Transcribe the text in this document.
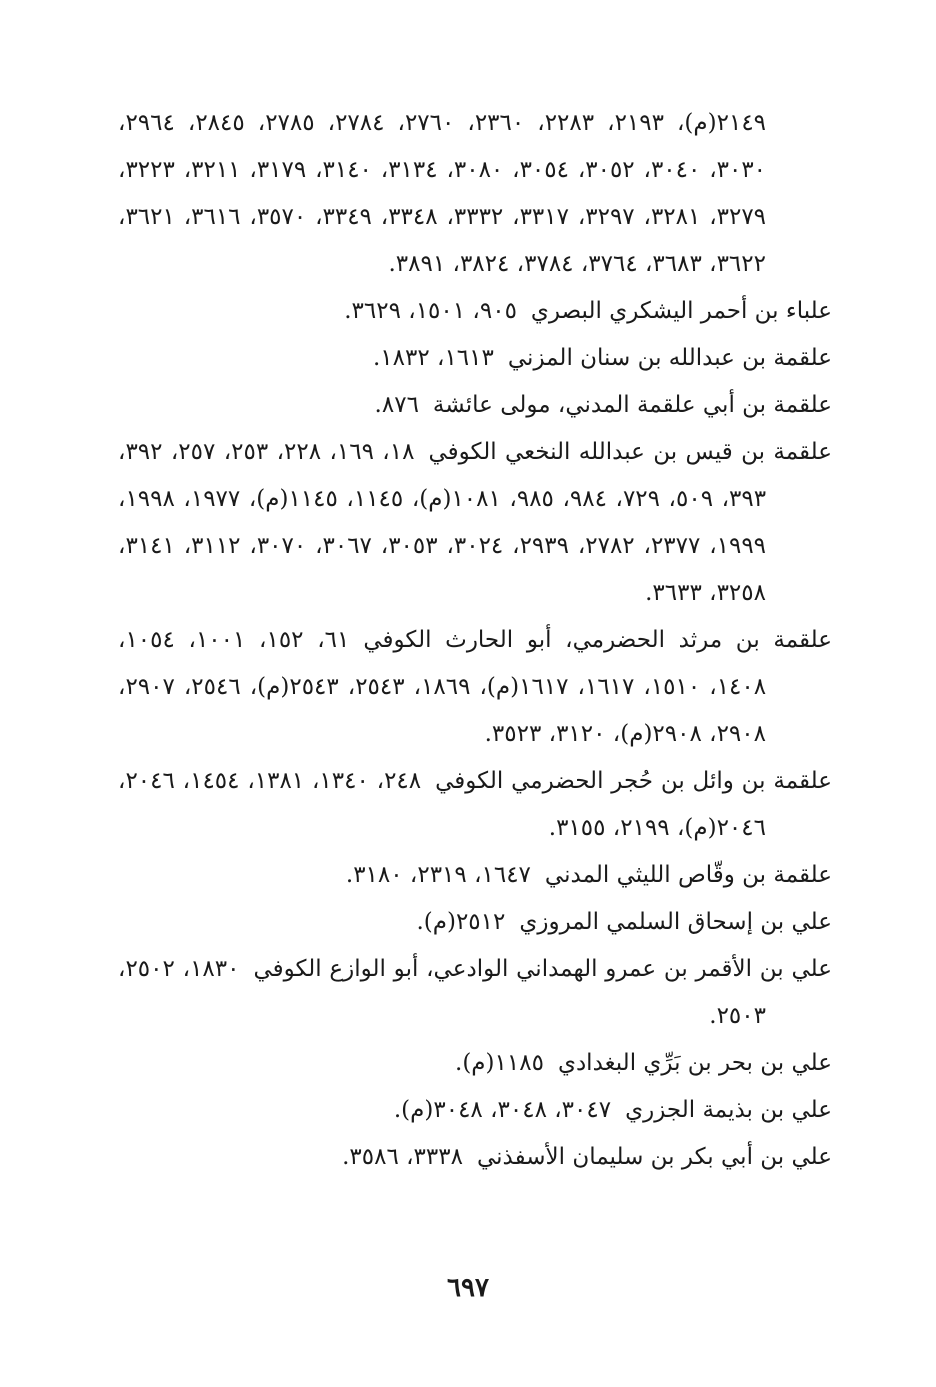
٢١٤٩(م)، ٢١٩٣، ٢٢٨٣، ٢٣٦٠، ٢٧٦٠، ٢٧٨٤، ٢٧٨٥، ٢٨٤٥، ٢٩٦٤، ٣٠٣٠، ٣٠٤٠، ٣٠٥٢، ٣٠٥٤، ٣٠٨٠، ٣١٣٤، ٣١٤٠، ٣١٧٩، ٣٢١١، ٣٢٢٣، ٣٢٧٩، ٣٢٨١، ٣٢٩٧، ٣٣١٧، ٣٣٣٢، ٣٣٤٨، ٣٣٤٩، ٣٥٧٠، ٣٦١٦، ٣٦٢١، ٣٦٢٢، ٣٦٨٣، ٣٧٦٤، ٣٧٨٤، ٣٨٢٤، ٣٨٩١.

علباء بن أحمر اليشكري البصري٩٠٥، ١٥٠١، ٣٦٢٩.

علقمة بن عبدالله بن سنان المزني١٦١٣، ١٨٣٢.

علقمة بن أبي علقمة المدني، مولى عائشة٨٧٦.

علقمة بن قيس بن عبدالله النخعي الكوفي١٨، ١٦٩، ٢٢٨، ٢٥٣، ٢٥٧، ٣٩٢، ٣٩٣، ٥٠٩، ٧٢٩، ٩٨٤، ٩٨٥، ١٠٨١(م)، ١١٤٥، ١١٤٥(م)، ١٩٧٧، ١٩٩٨، ١٩٩٩، ٢٣٧٧، ٢٧٨٢، ٢٩٣٩، ٣٠٢٤، ٣٠٥٣، ٣٠٦٧، ٣٠٧٠، ٣١١٢، ٣١٤١، ٣٢٥٨، ٣٦٣٣.

علقمة بن مرثد الحضرمي، أبو الحارث الكوفي٦١، ١٥٢، ١٠٠١، ١٠٥٤، ١٤٠٨، ١٥١٠، ١٦١٧، ١٦١٧(م)، ١٨٦٩، ٢٥٤٣، ٢٥٤٣(م)، ٢٥٤٦، ٢٩٠٧، ٢٩٠٨، ٢٩٠٨(م)، ٣١٢٠، ٣٥٢٣.

علقمة بن وائل بن حُجر الحضرمي الكوفي٢٤٨، ١٣٤٠، ١٣٨١، ١٤٥٤، ٢٠٤٦، ٢٠٤٦(م)، ٢١٩٩، ٣١٥٥.

علقمة بن وقّاص الليثي المدني١٦٤٧، ٢٣١٩، ٣١٨٠.

علي بن إسحاق السلمي المروزي٢٥١٢(م).

علي بن الأقمر بن عمرو الهمداني الوادعي، أبو الوازع الكوفي١٨٣٠، ٢٥٠٢، ٢٥٠٣.

علي بن بحر بن بَرِّي البغدادي١١٨٥(م).

علي بن بذيمة الجزري٣٠٤٧، ٣٠٤٨، ٣٠٤٨(م).

علي بن أبي بكر بن سليمان الأسفذني٣٣٣٨، ٣٥٨٦.

٦٩٧
